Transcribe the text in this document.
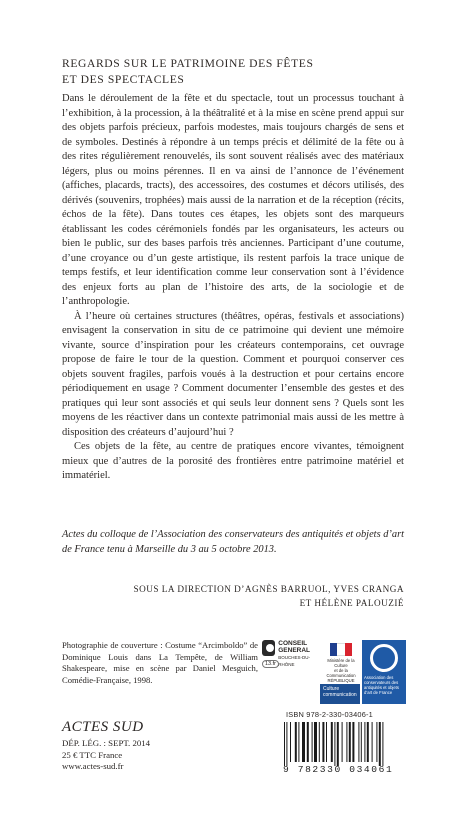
REGARDS SUR LE PATRIMOINE DES FÊTES
ET DES SPECTACLES

Dans le déroulement de la fête et du spectacle, tout un processus touchant à l’exhibition, à la procession, à la théâtralité et à la mise en scène prend appui sur des objets parfois précieux, parfois modestes, mais toujours chargés de sens et de symboles. Destinés à répondre à un temps précis et délimité de la fête ou à des rites régulièrement renouvelés, ils sont souvent réalisés avec des matériaux légers, plus ou moins pérennes. Il en va ainsi de l’annonce de l’événement (affiches, placards, tracts), des accessoires, des costumes et décors utilisés, des dérivés (souvenirs, trophées) mais aussi de la narration et de la réception (récits, échos de la fête). Dans toutes ces étapes, les objets sont des marqueurs établissant les codes cérémoniels fondés par les organisateurs, les acteurs ou bien le public, sur des bases parfois très anciennes. Participant d’une coutume, d’une croyance ou d’un geste artistique, ils restent parfois la trace unique de temps festifs, et leur identification comme leur conservation sont à l’évidence des enjeux forts au plan de l’histoire des arts, de la sociologie et de l’anthropologie.

À l’heure où certaines structures (théâtres, opéras, festivals et associations) envisagent la conservation in situ de ce patrimoine qui devient une mémoire vivante, source d’inspiration pour les créateurs contemporains, cet ouvrage propose de faire le tour de la question. Comment et pourquoi conserver ces objets souvent fragiles, parfois voués à la destruction et pour certains encore périodiquement en usage ? Comment documenter l’ensemble des gestes et des pratiques qui leur sont associés et qui seuls leur donnent sens ? Quels sont les moyens de les réactiver dans un contexte patrimonial mais aussi de les mettre à disposition des créateurs d’aujourd’hui ?

Ces objets de la fête, au centre de pratiques encore vivantes, témoignent mieux que d’autres de la porosité des frontières entre patrimoine matériel et immatériel.

Actes du colloque de l’Association des conservateurs des antiquités et objets d’art de France tenu à Marseille du 3 au 5 octobre 2013.
SOUS LA DIRECTION D’AGNÈS BARRUOL, YVES CRANGA
ET HÉLÈNE PALOUZIÉ
Photographie de couverture : Costume “Arcimboldo” de Dominique Louis dans La Tempête, de William Shakespeare, mise en scène par Daniel Mesguich, Comédie-Française, 1998.
CONSEIL
GENERAL
BOUCHES-DU-RHÔNE
13.fr
Ministère de la Culture
et de la Communication
RÉPUBLIQUE
Culture
communication
Association des conservateurs des antiquités et objets d’art de France
ISBN 978-2-330-03406-1
9 782330 034061
ACTES SUD
DÉP. LÉG. : SEPT. 2014
25 € TTC France
www.actes-sud.fr
